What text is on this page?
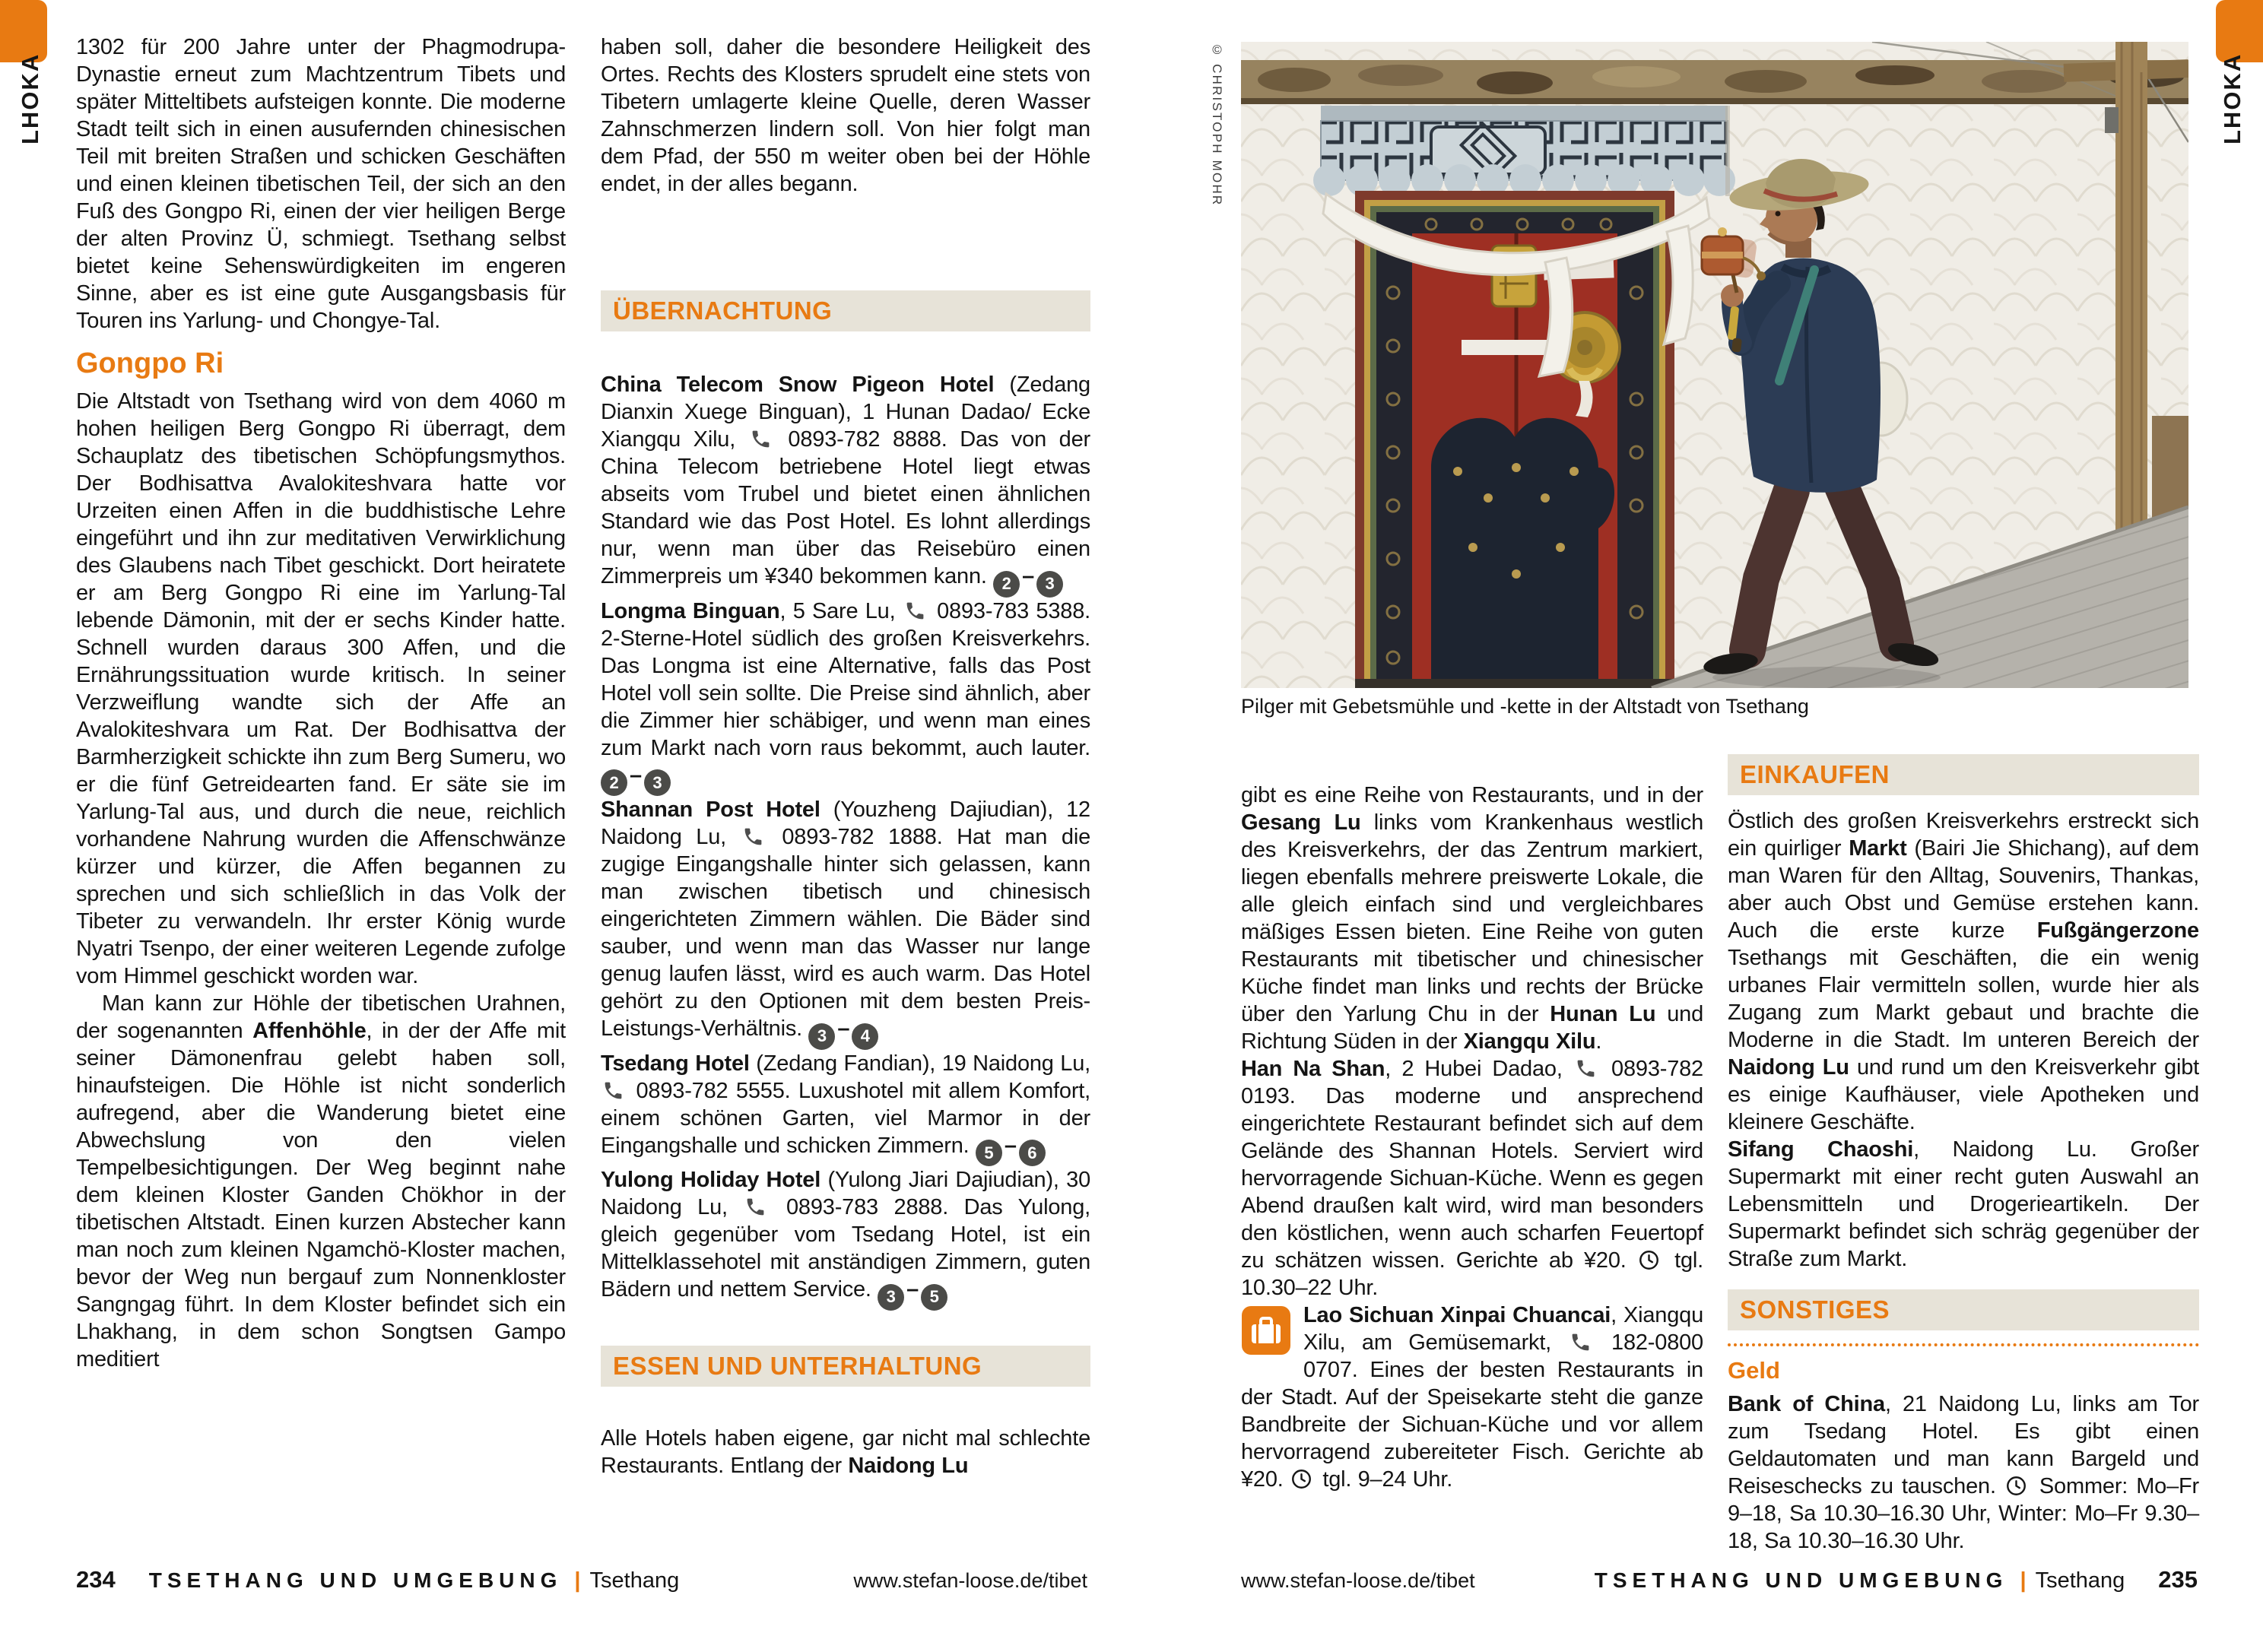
LHOKA	LHOKA

1302 für 200 Jahre unter der Phagmodrupa-Dynastie erneut zum Machtzentrum Tibets und später Mitteltibets aufsteigen konnte. Die moderne Stadt teilt sich in einen ausufernden chinesischen Teil mit breiten Straßen und schicken Geschäften und einen kleinen tibetischen Teil, der sich an den Fuß des Gongpo Ri, einen der vier heiligen Berge der alten Provinz Ü, schmiegt. Tsethang selbst bietet keine Sehenswürdigkeiten im engeren Sinne, aber es ist eine gute Ausgangsbasis für Touren ins Yarlung- und Chongye-Tal.

Gongpo Ri

Die Altstadt von Tsethang wird von dem 4060 m hohen heiligen Berg Gongpo Ri überragt, dem Schauplatz des tibetischen Schöpfungsmythos. Der Bodhisattva Avalokiteshvara hatte vor Urzeiten einen Affen in die buddhistische Lehre eingeführt und ihn zur meditativen Verwirklichung des Glaubens nach Tibet geschickt. Dort heiratete er am Berg Gongpo Ri eine im Yarlung-Tal lebende Dämonin, mit der er sechs Kinder hatte. Schnell wurden daraus 300 Affen, und die Ernährungssituation wurde kritisch. In seiner Verzweiflung wandte sich der Affe an Avalokiteshvara um Rat. Der Bodhisattva der Barmherzigkeit schickte ihn zum Berg Sumeru, wo er die fünf Getreidearten fand. Er säte sie im Yarlung-Tal aus, und durch die neue, reichlich vorhandene Nahrung wurden die Affenschwänze kürzer und kürzer, die Affen begannen zu sprechen und sich schließlich in das Volk der Tibeter zu verwandeln. Ihr erster König wurde Nyatri Tsenpo, der einer weiteren Legende zufolge vom Himmel geschickt worden war.

Man kann zur Höhle der tibetischen Urahnen, der sogenannten Affenhöhle, in der der Affe mit seiner Dämonenfrau gelebt haben soll, hinaufsteigen. Die Höhle ist nicht sonderlich aufregend, aber die Wanderung bietet eine Abwechslung von den vielen Tempelbesichtigungen. Der Weg beginnt nahe dem kleinen Kloster Ganden Chökhor in der tibetischen Altstadt. Einen kurzen Abstecher kann man noch zum kleinen Ngamchö-Kloster machen, bevor der Weg nun bergauf zum Nonnenkloster Sangngag führt. In dem Kloster befindet sich ein Lhakhang, in dem schon Songtsen Gampo meditiert

haben soll, daher die besondere Heiligkeit des Ortes. Rechts des Klosters sprudelt eine stets von Tibetern umlagerte kleine Quelle, deren Wasser Zahnschmerzen lindern soll. Von hier folgt man dem Pfad, der 550 m weiter oben bei der Höhle endet, in der alles begann.

ÜBERNACHTUNG

China Telecom Snow Pigeon Hotel (Zedang Dianxin Xuege Binguan), 1 Hunan Dadao/ Ecke Xiangqu Xilu,  0893-782 8888. Das von der China Telecom betriebene Hotel liegt etwas abseits vom Trubel und bietet einen ähnlichen Standard wie das Post Hotel. Es lohnt allerdings nur, wenn man über das Reisebüro einen Zimmerpreis um ¥340 bekommen kann. 2 – 3

Longma Binguan, 5 Sare Lu,  0893-783 5388. 2-Sterne-Hotel südlich des großen Kreisverkehrs. Das Longma ist eine Alternative, falls das Post Hotel voll sein sollte. Die Preise sind ähnlich, aber die Zimmer hier schäbiger, und wenn man eines zum Markt nach vorn raus bekommt, auch lauter. 2 – 3

Shannan Post Hotel (Youzheng Dajiudian), 12 Naidong Lu,  0893-782 1888. Hat man die zugige Eingangshalle hinter sich gelassen, kann man zwischen tibetisch und chinesisch eingerichteten Zimmern wählen. Die Bäder sind sauber, und wenn man das Wasser nur lange genug laufen lässt, wird es auch warm. Das Hotel gehört zu den Optionen mit dem besten Preis-Leistungs-Verhältnis. 3 – 4

Tsedang Hotel (Zedang Fandian), 19 Naidong Lu,  0893-782 5555. Luxushotel mit allem Komfort, einem schönen Garten, viel Marmor in der Eingangshalle und schicken Zimmern. 5 – 6

Yulong Holiday Hotel (Yulong Jiari Dajiudian), 30 Naidong Lu,  0893-783 2888. Das Yulong, gleich gegenüber vom Tsedang Hotel, ist ein Mittelklassehotel mit anständigen Zimmern, guten Bädern und nettem Service. 3 – 5

ESSEN UND UNTERHALTUNG

Alle Hotels haben eigene, gar nicht mal schlechte Restaurants. Entlang der Naidong Lu

© CHRISTOPH MOHR
Pilger mit Gebetsmühle und -kette in der Altstadt von Tsethang

gibt es eine Reihe von Restaurants, und in der Gesang Lu links vom Krankenhaus westlich des Kreisverkehrs, der das Zentrum markiert, liegen ebenfalls mehrere preiswerte Lokale, die alle gleich einfach sind und vergleichbares mäßiges Essen bieten. Eine Reihe von guten Restaurants mit tibetischer und chinesischer Küche findet man links und rechts der Brücke über den Yarlung Chu in der Hunan Lu und Richtung Süden in der Xiangqu Xilu.

Han Na Shan, 2 Hubei Dadao,  0893-782 0193. Das moderne und ansprechend eingerichtete Restaurant befindet sich auf dem Gelände des Shannan Hotels. Serviert wird hervorragende Sichuan-Küche. Wenn es gegen Abend draußen kalt wird, wird man besonders den köstlichen, wenn auch scharfen Feuertopf zu schätzen wissen. Gerichte ab ¥20.  tgl. 10.30–22 Uhr.

Lao Sichuan Xinpai Chuancai, Xiangqu Xilu, am Gemüsemarkt,  182-0800 0707. Eines der besten Restaurants in der Stadt. Auf der Speisekarte steht die ganze Bandbreite der Sichuan-Küche und vor allem hervorragend zubereiteter Fisch. Gerichte ab ¥20.  tgl. 9–24 Uhr.

EINKAUFEN

Östlich des großen Kreisverkehrs erstreckt sich ein quirliger Markt (Bairi Jie Shichang), auf dem man Waren für den Alltag, Souvenirs, Thankas, aber auch Obst und Gemüse erstehen kann. Auch die erste kurze Fußgängerzone Tsethangs mit Geschäften, die ein wenig urbanes Flair vermitteln sollen, wurde hier als Zugang zum Markt gebaut und brachte die Moderne in die Stadt. Im unteren Bereich der Naidong Lu und rund um den Kreisverkehr gibt es einige Kaufhäuser, viele Apotheken und kleinere Geschäfte.

Sifang Chaoshi, Naidong Lu. Großer Supermarkt mit einer recht guten Auswahl an Lebensmitteln und Drogerieartikeln. Der Supermarkt befindet sich schräg gegenüber der Straße zum Markt.

SONSTIGES
Geld

Bank of China, 21 Naidong Lu, links am Tor zum Tsedang Hotel. Es gibt einen Geldautomaten und man kann Bargeld und Reiseschecks zu tauschen.  Sommer: Mo–Fr 9–18, Sa 10.30–16.30 Uhr, Winter: Mo–Fr 9.30–18, Sa 10.30–16.30 Uhr.

234 TSETHANG UND UMGEBUNG | Tsethang	www.stefan-loose.de/tibet	www.stefan-loose.de/tibet	TSETHANG UND UMGEBUNG | Tsethang 235
